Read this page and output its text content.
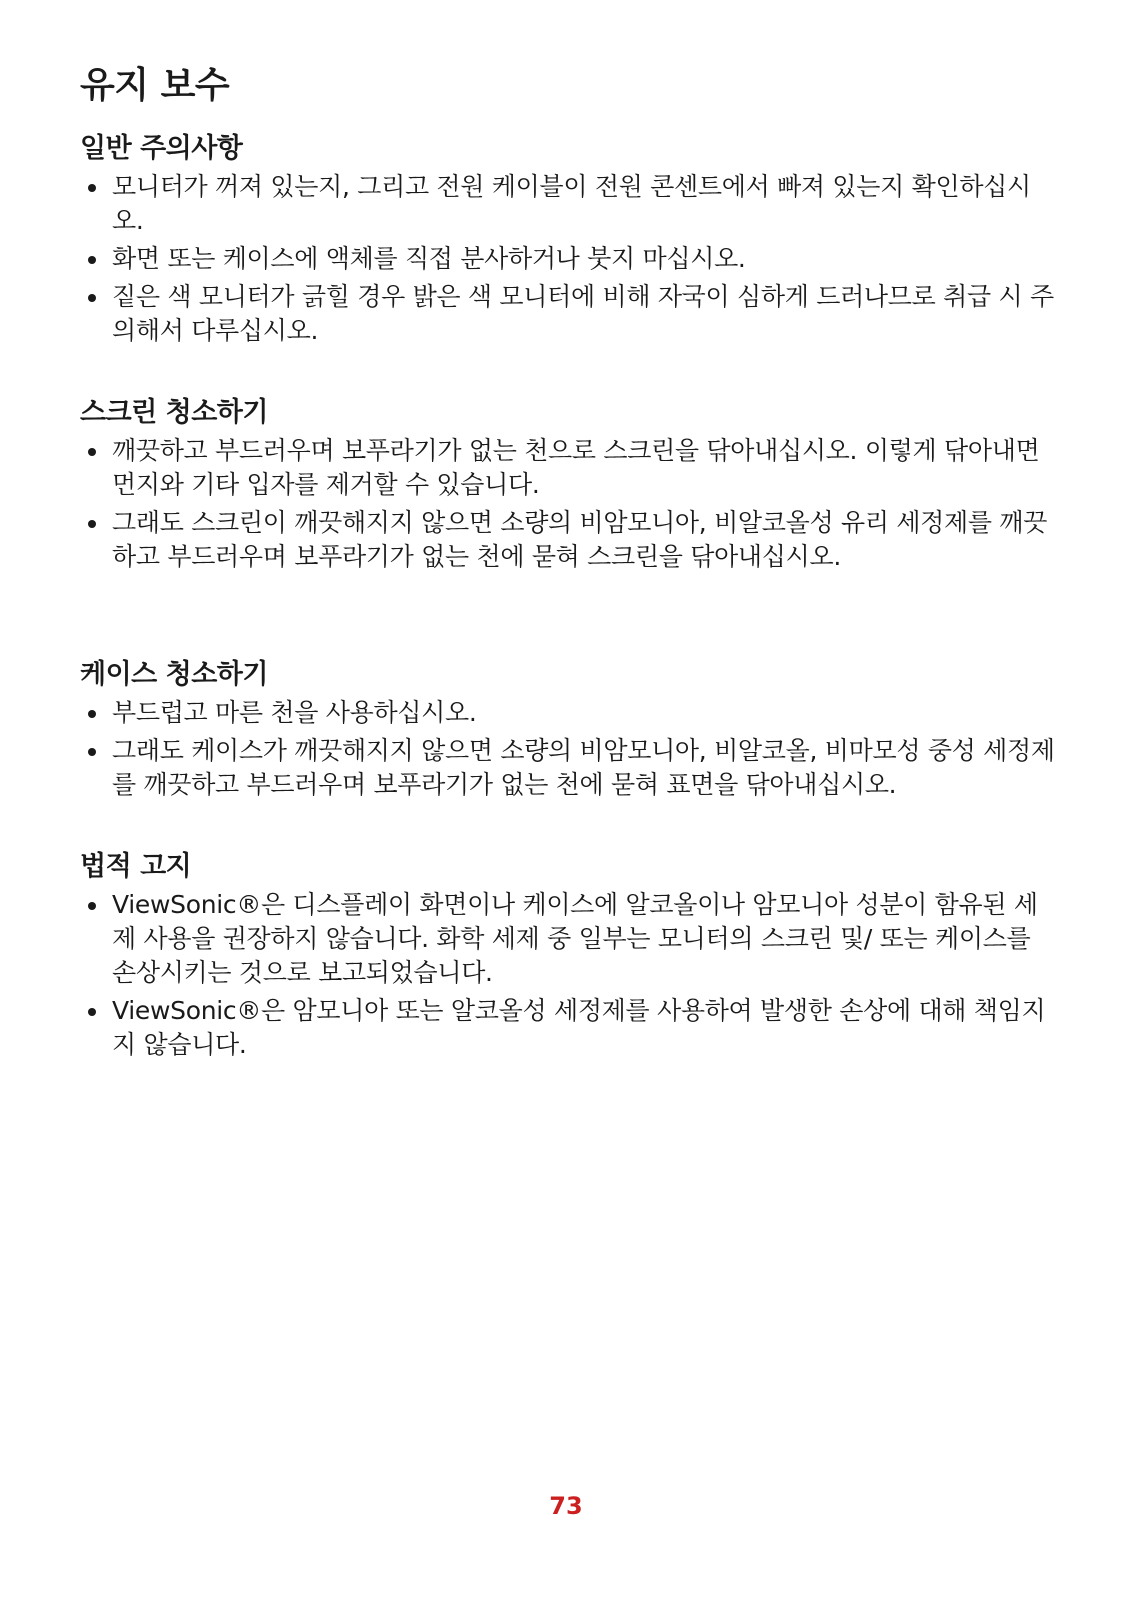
유지 보수
일반 주의사항
모니터가 꺼져 있는지, 그리고 전원 케이블이 전원 콘센트에서 빠져 있는지 확인하십시오.
화면 또는 케이스에 액체를 직접 분사하거나 붓지 마십시오.
짙은 색 모니터가 긁힐 경우 밝은 색 모니터에 비해 자국이 심하게 드러나므로 취급 시 주의해서 다루십시오.
스크린 청소하기
깨끗하고 부드러우며 보푸라기가 없는 천으로 스크린을 닦아내십시오. 이렇게 닦아내면 먼지와 기타 입자를 제거할 수 있습니다.
그래도 스크린이 깨끗해지지 않으면 소량의 비암모니아, 비알코올성 유리 세정제를 깨끗하고 부드러우며 보푸라기가 없는 천에 묻혀 스크린을 닦아내십시오.
케이스 청소하기
부드럽고 마른 천을 사용하십시오.
그래도 케이스가 깨끗해지지 않으면 소량의 비암모니아, 비알코올, 비마모성 중성 세정제를 깨끗하고 부드러우며 보푸라기가 없는 천에 묻혀 표면을 닦아내십시오.
법적 고지
ViewSonic®은 디스플레이 화면이나 케이스에 알코올이나 암모니아 성분이 함유된 세제 사용을 권장하지 않습니다. 화학 세제 중 일부는 모니터의 스크린 및/ 또는 케이스를 손상시키는 것으로 보고되었습니다.
ViewSonic®은 암모니아 또는 알코올성 세정제를 사용하여 발생한 손상에 대해 책임지지 않습니다.
73
